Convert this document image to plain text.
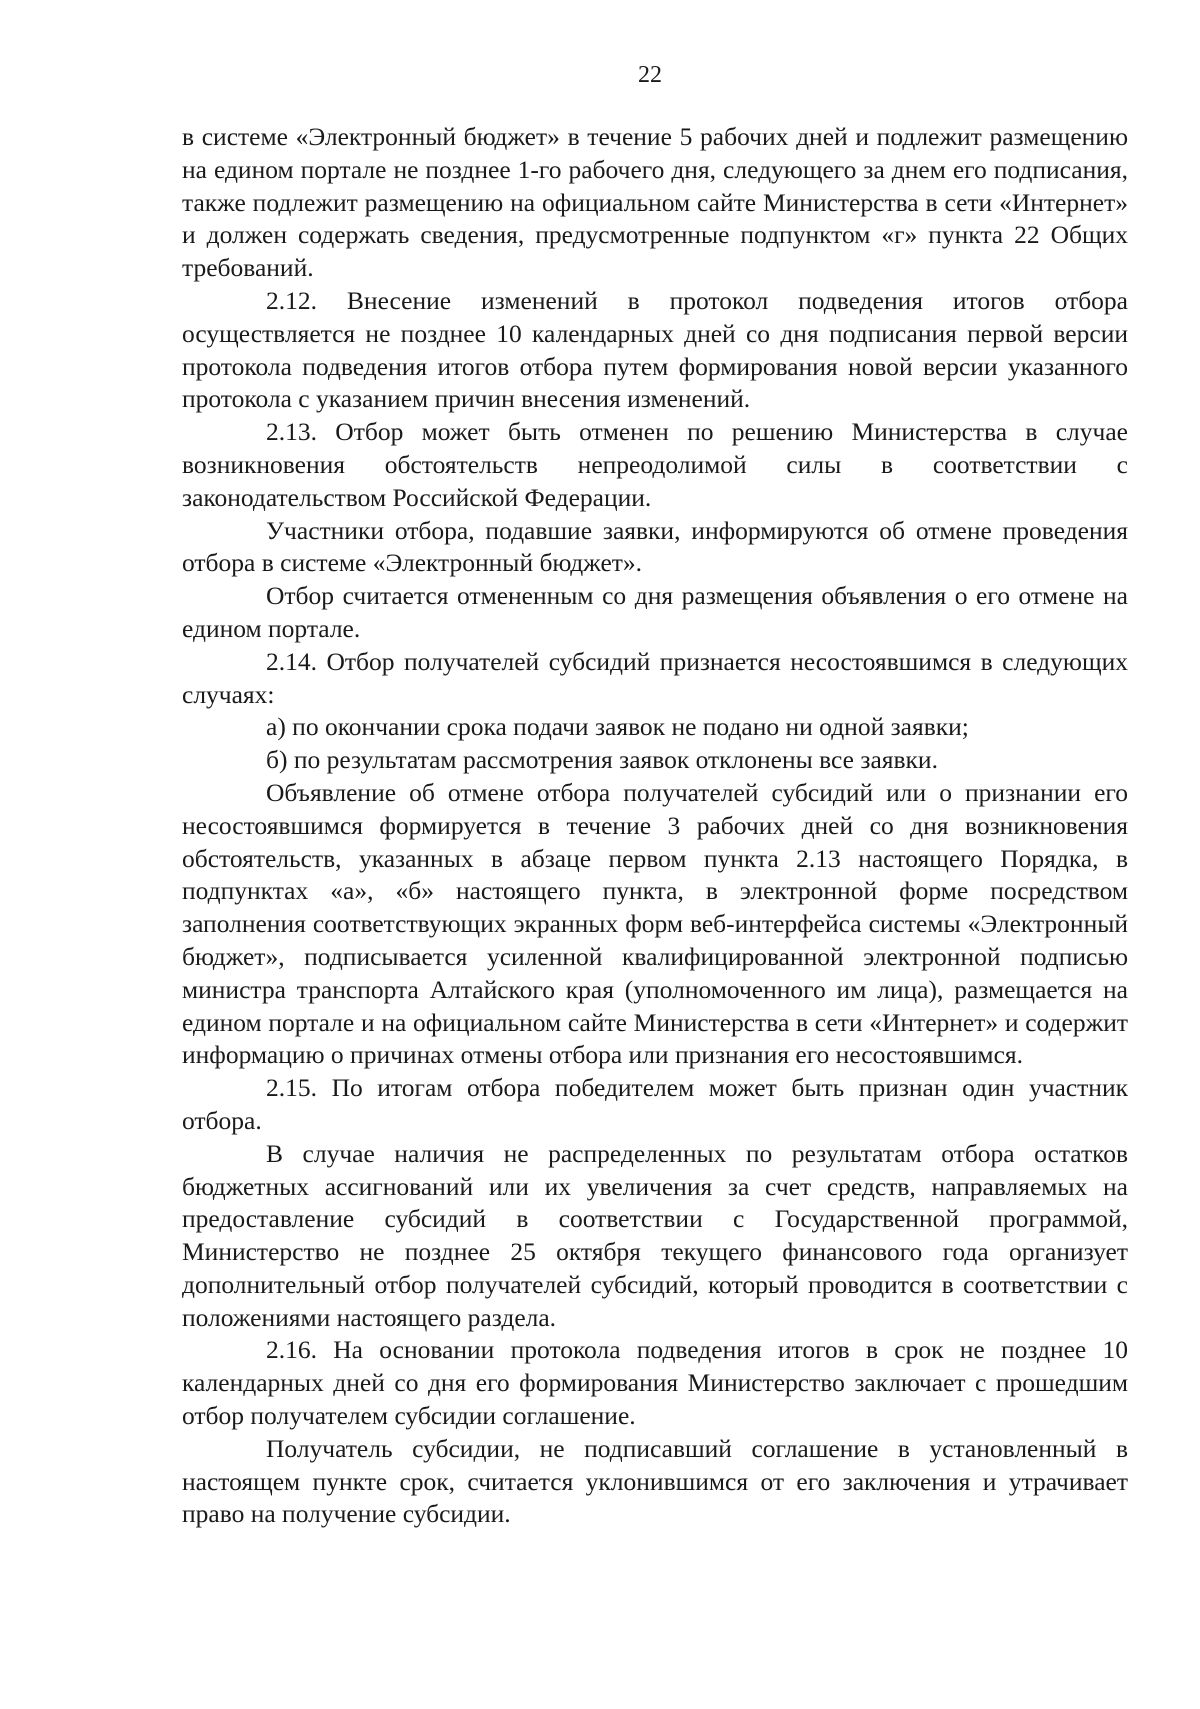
22

в системе «Электронный бюджет» в течение 5 рабочих дней и подлежит размещению на едином портале не позднее 1-го рабочего дня, следующего за днем его подписания, также подлежит размещению на официальном сайте Министерства в сети «Интернет» и должен содержать сведения, предусмотренные подпунктом «г» пункта 22 Общих требований.

2.12. Внесение изменений в протокол подведения итогов отбора осуществляется не позднее 10 календарных дней со дня подписания первой версии протокола подведения итогов отбора путем формирования новой версии указанного протокола с указанием причин внесения изменений.

2.13. Отбор может быть отменен по решению Министерства в случае возникновения обстоятельств непреодолимой силы в соответствии с законодательством Российской Федерации.

Участники отбора, подавшие заявки, информируются об отмене проведения отбора в системе «Электронный бюджет».

Отбор считается отмененным со дня размещения объявления о его отмене на едином портале.

2.14. Отбор получателей субсидий признается несостоявшимся в следующих случаях:

а) по окончании срока подачи заявок не подано ни одной заявки;

б) по результатам рассмотрения заявок отклонены все заявки.

Объявление об отмене отбора получателей субсидий или о признании его несостоявшимся формируется в течение 3 рабочих дней со дня возникновения обстоятельств, указанных в абзаце первом пункта 2.13 настоящего Порядка, в подпунктах «а», «б» настоящего пункта, в электронной форме посредством заполнения соответствующих экранных форм веб-интерфейса системы «Электронный бюджет», подписывается усиленной квалифицированной электронной подписью министра транспорта Алтайского края (уполномоченного им лица), размещается на едином портале и на официальном сайте Министерства в сети «Интернет» и содержит информацию о причинах отмены отбора или признания его несостоявшимся.

2.15. По итогам отбора победителем может быть признан один участник отбора.

В случае наличия не распределенных по результатам отбора остатков бюджетных ассигнований или их увеличения за счет средств, направляемых на предоставление субсидий в соответствии с Государственной программой, Министерство не позднее 25 октября текущего финансового года организует дополнительный отбор получателей субсидий, который проводится в соответствии с положениями настоящего раздела.

2.16. На основании протокола подведения итогов в срок не позднее 10 календарных дней со дня его формирования Министерство заключает с прошедшим отбор получателем субсидии соглашение.

Получатель субсидии, не подписавший соглашение в установленный в настоящем пункте срок, считается уклонившимся от его заключения и утрачивает право на получение субсидии.
